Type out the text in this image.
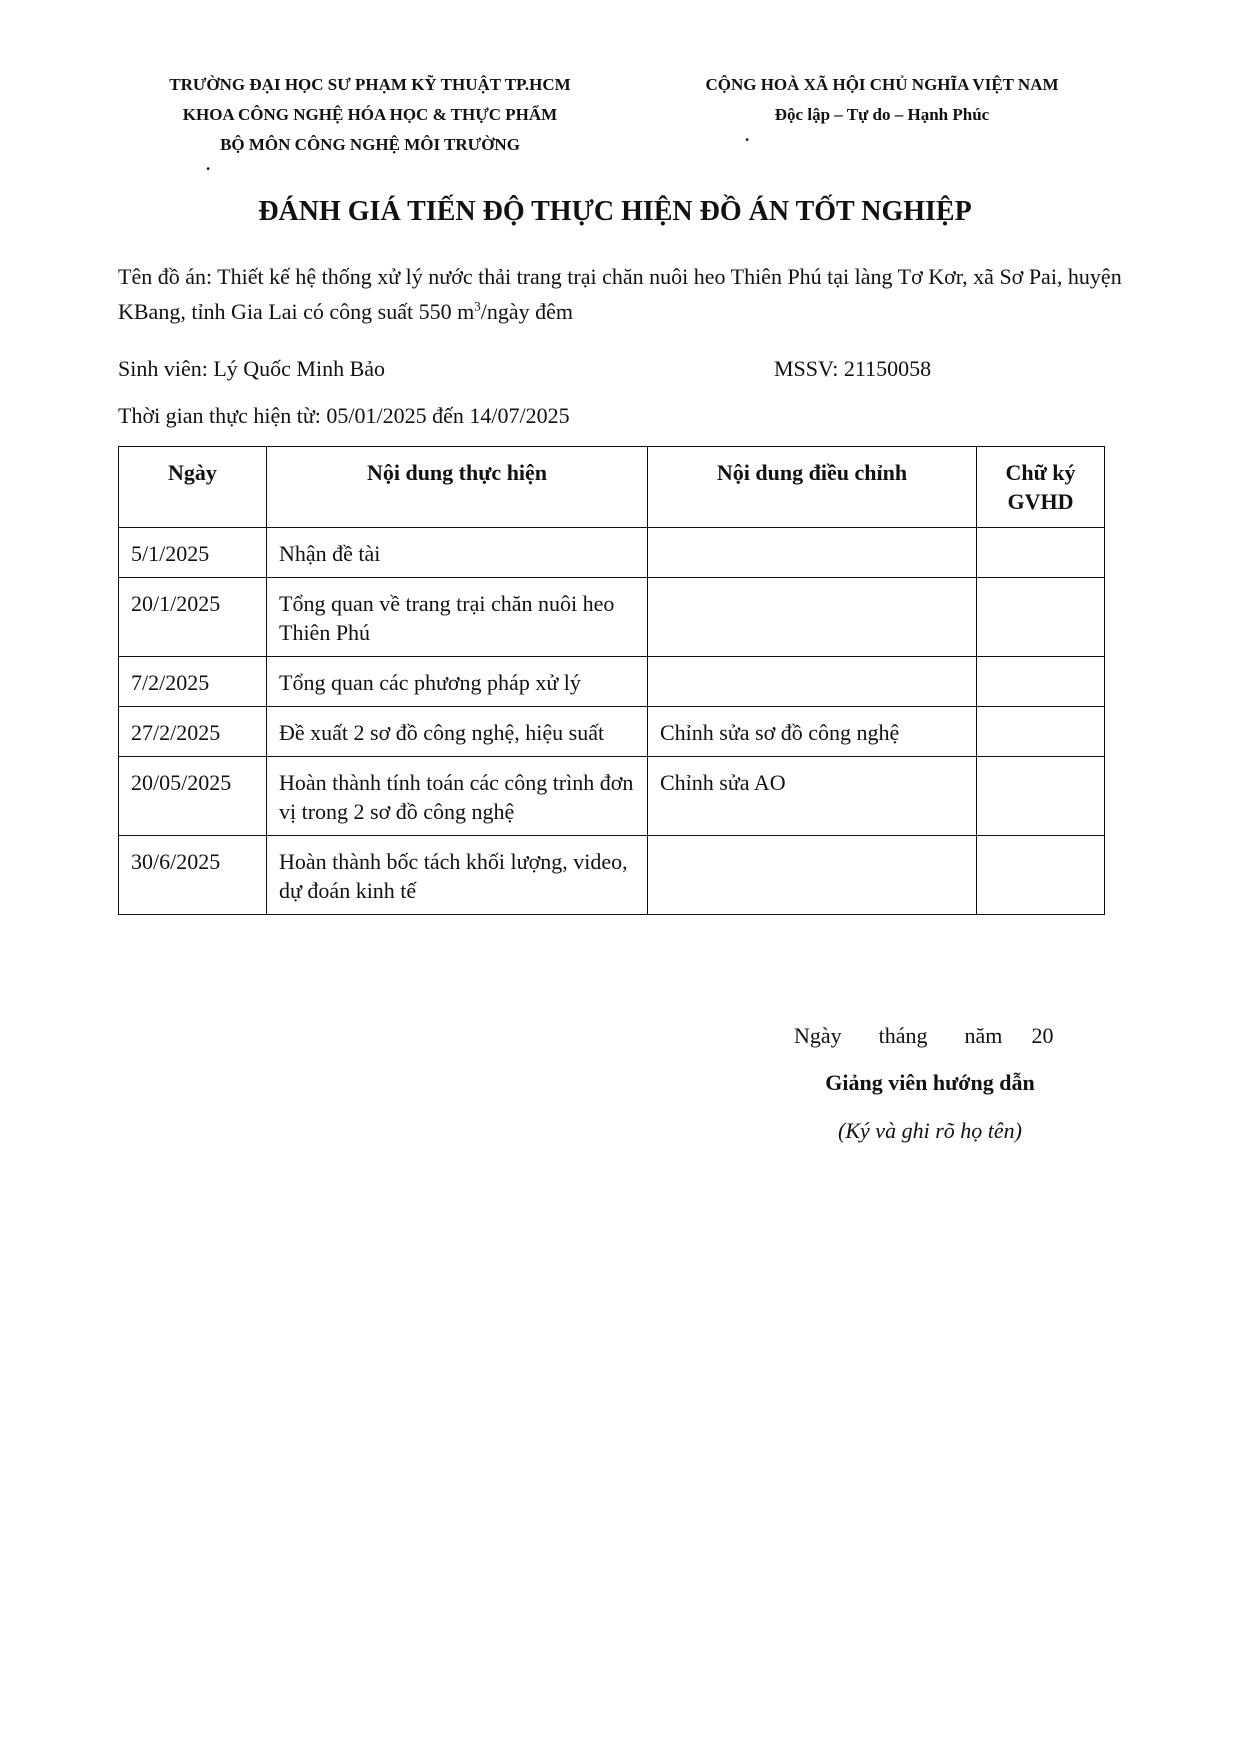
TRƯỜNG ĐẠI HỌC SƯ PHẠM KỸ THUẬT TP.HCM
KHOA CÔNG NGHỆ HÓA HỌC & THỰC PHẨM
BỘ MÔN CÔNG NGHỆ MÔI TRƯỜNG
.
CỘNG HOÀ XÃ HỘI CHỦ NGHĨA VIỆT NAM
Độc lập – Tự do – Hạnh Phúc
.
ĐÁNH GIÁ TIẾN ĐỘ THỰC HIỆN ĐỒ ÁN TỐT NGHIỆP
Tên đồ án: Thiết kế hệ thống xử lý nước thải trang trại chăn nuôi heo Thiên Phú tại làng Tơ Kơr, xã Sơ Pai, huyện KBang, tỉnh Gia Lai có công suất 550 $m^3$/ngày đêm
Sinh viên: Lý Quốc Minh Bảo	MSSV: 21150058
Thời gian thực hiện từ: 05/01/2025 đến 14/07/2025
Ngày	Nội dung thực hiện	Nội dung điều chỉnh	Chữ ký GVHD
5/1/2025	Nhận đề tài		
20/1/2025	Tổng quan về trang trại chăn nuôi heo Thiên Phú		
7/2/2025	Tổng quan các phương pháp xử lý		
27/2/2025	Đề xuất 2 sơ đồ công nghệ, hiệu suất	Chỉnh sửa sơ đồ công nghệ	
20/05/2025	Hoàn thành tính toán các công trình đơn vị trong 2 sơ đồ công nghệ	Chỉnh sửa AO	
30/6/2025	Hoàn thành bốc tách khối lượng, video, dự đoán kinh tế		
Ngày tháng năm 20
Giảng viên hướng dẫn
(Ký và ghi rõ họ tên)
